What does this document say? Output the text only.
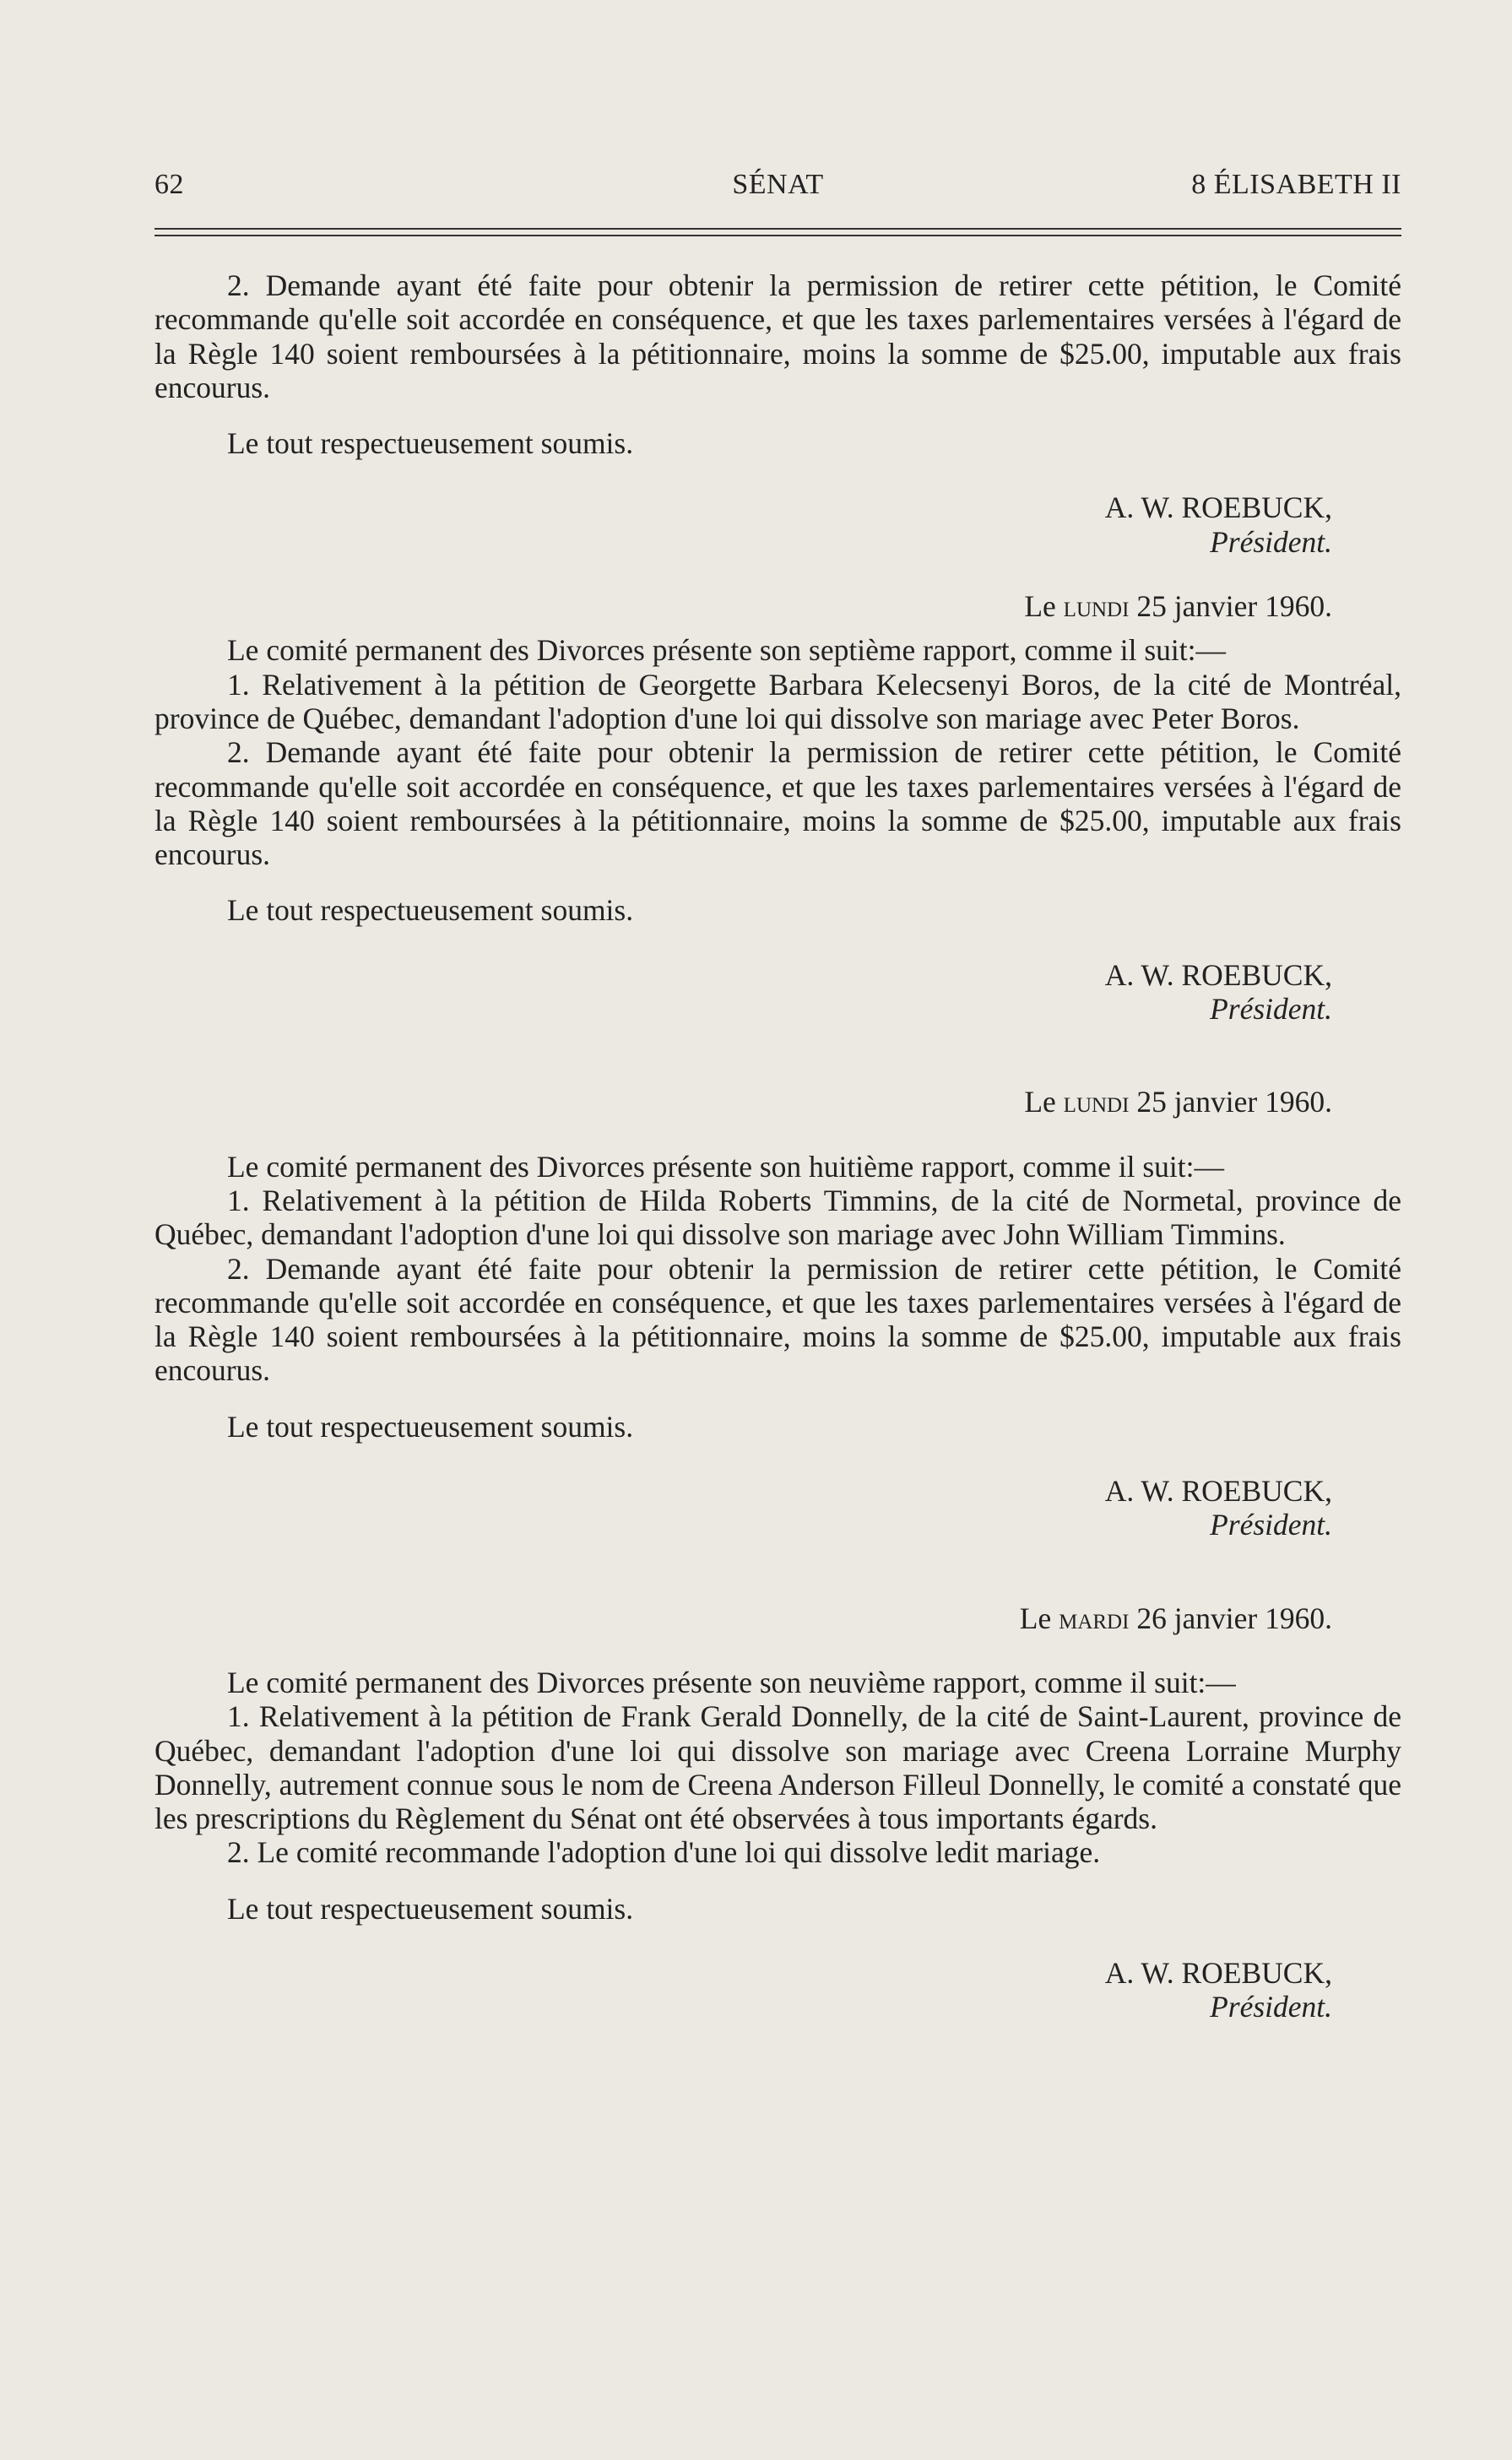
62	SÉNAT	8 ÉLISABETH II

2. Demande ayant été faite pour obtenir la permission de retirer cette pétition, le Comité recommande qu'elle soit accordée en conséquence, et que les taxes parlementaires versées à l'égard de la Règle 140 soient remboursées à la pétitionnaire, moins la somme de $25.00, imputable aux frais encourus.

Le tout respectueusement soumis.

A. W. ROEBUCK,

Président.

Le lundi 25 janvier 1960.

Le comité permanent des Divorces présente son septième rapport, comme il suit:—

1. Relativement à la pétition de Georgette Barbara Kelecsenyi Boros, de la cité de Montréal, province de Québec, demandant l'adoption d'une loi qui dissolve son mariage avec Peter Boros.

2. Demande ayant été faite pour obtenir la permission de retirer cette pétition, le Comité recommande qu'elle soit accordée en conséquence, et que les taxes parlementaires versées à l'égard de la Règle 140 soient remboursées à la pétitionnaire, moins la somme de $25.00, imputable aux frais encourus.

Le tout respectueusement soumis.

A. W. ROEBUCK,

Président.

Le lundi 25 janvier 1960.

Le comité permanent des Divorces présente son huitième rapport, comme il suit:—

1. Relativement à la pétition de Hilda Roberts Timmins, de la cité de Normetal, province de Québec, demandant l'adoption d'une loi qui dissolve son mariage avec John William Timmins.

2. Demande ayant été faite pour obtenir la permission de retirer cette pétition, le Comité recommande qu'elle soit accordée en conséquence, et que les taxes parlementaires versées à l'égard de la Règle 140 soient remboursées à la pétitionnaire, moins la somme de $25.00, imputable aux frais encourus.

Le tout respectueusement soumis.

A. W. ROEBUCK,

Président.

Le mardi 26 janvier 1960.

Le comité permanent des Divorces présente son neuvième rapport, comme il suit:—

1. Relativement à la pétition de Frank Gerald Donnelly, de la cité de Saint-Laurent, province de Québec, demandant l'adoption d'une loi qui dissolve son mariage avec Creena Lorraine Murphy Donnelly, autrement connue sous le nom de Creena Anderson Filleul Donnelly, le comité a constaté que les prescriptions du Règlement du Sénat ont été observées à tous importants égards.

2. Le comité recommande l'adoption d'une loi qui dissolve ledit mariage.

Le tout respectueusement soumis.

A. W. ROEBUCK,

Président.
